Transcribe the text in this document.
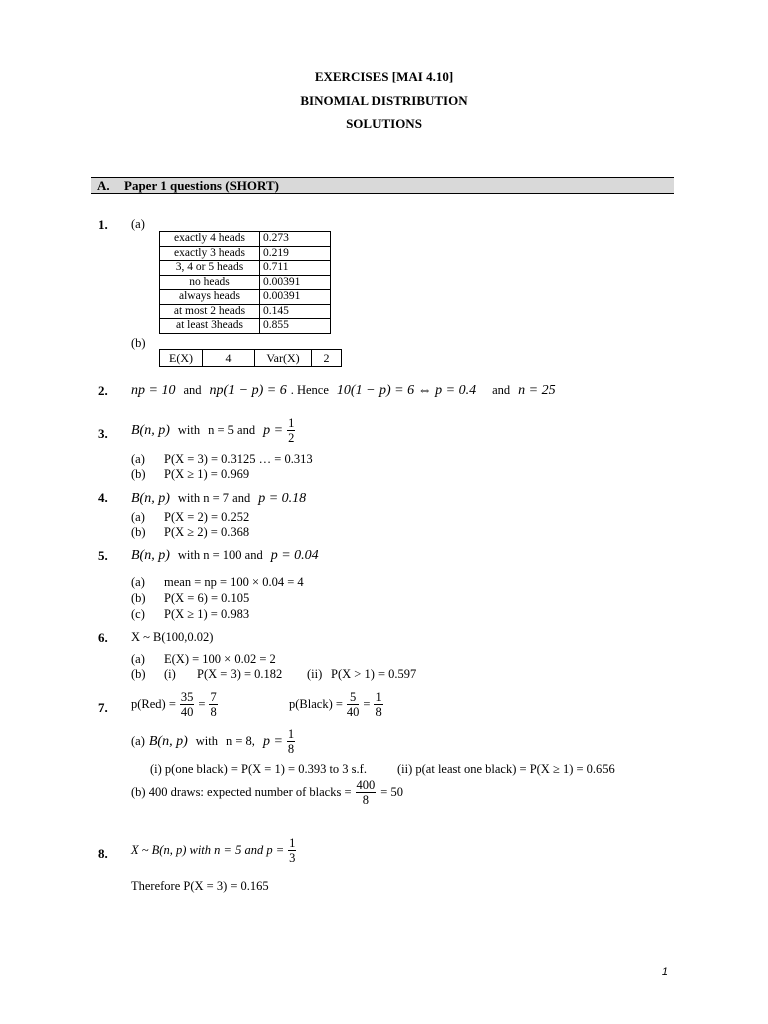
EXERCISES [MAI 4.10]
BINOMIAL DISTRIBUTION
SOLUTIONS
A. Paper 1 questions (SHORT)
1. (a)
exactly 4 heads	0.273
exactly 3 heads	0.219
3, 4 or 5 heads	0.711
no heads	0.00391
always heads	0.00391
at most 2 heads	0.145
at least 3heads	0.855
(b)
E(X)	4	Var(X)	2
2. np = 10 and np(1 − p) = 6 . Hence 10(1 − p) = 6 ⇔ p = 0.4 and n = 25
3. B(n, p) with n = 5 and $p = \frac{1}{2}$
(a) P(X = 3) = 0.3125 … = 0.313
(b) P(X ≥ 1) = 0.969
4. B(n, p) with n = 7 and p = 0.18
(a) P(X = 2) = 0.252
(b) P(X ≥ 2) = 0.368
5. B(n, p) with n = 100 and p = 0.04
(a) mean = np = 100 × 0.04 = 4
(b) P(X = 6) = 0.105
(c) P(X ≥ 1) = 0.983
6. X ~ B(100,0.02)
(a) E(X) = 100 × 0.02 = 2
(b) (i) P(X = 3) = 0.182 (ii) P(X > 1) = 0.597
7. $p(Red) = \frac{35}{40} = \frac{7}{8}$	p(Black) = $\frac{5}{40} = \frac{1}{8}$
(a) B(n, p) with n = 8, $p = \frac{1}{8}$
(i) p(one black) = P(X = 1) = 0.393 to 3 s.f. (ii) p(at least one black) = P(X ≥ 1) = 0.656
(b) 400 draws: expected number of blacks = $\frac{400}{8} = 50$
8. X ~ B(n, p) with n = 5 and $p = \frac{1}{3}$
Therefore P(X = 3) = 0.165
1
